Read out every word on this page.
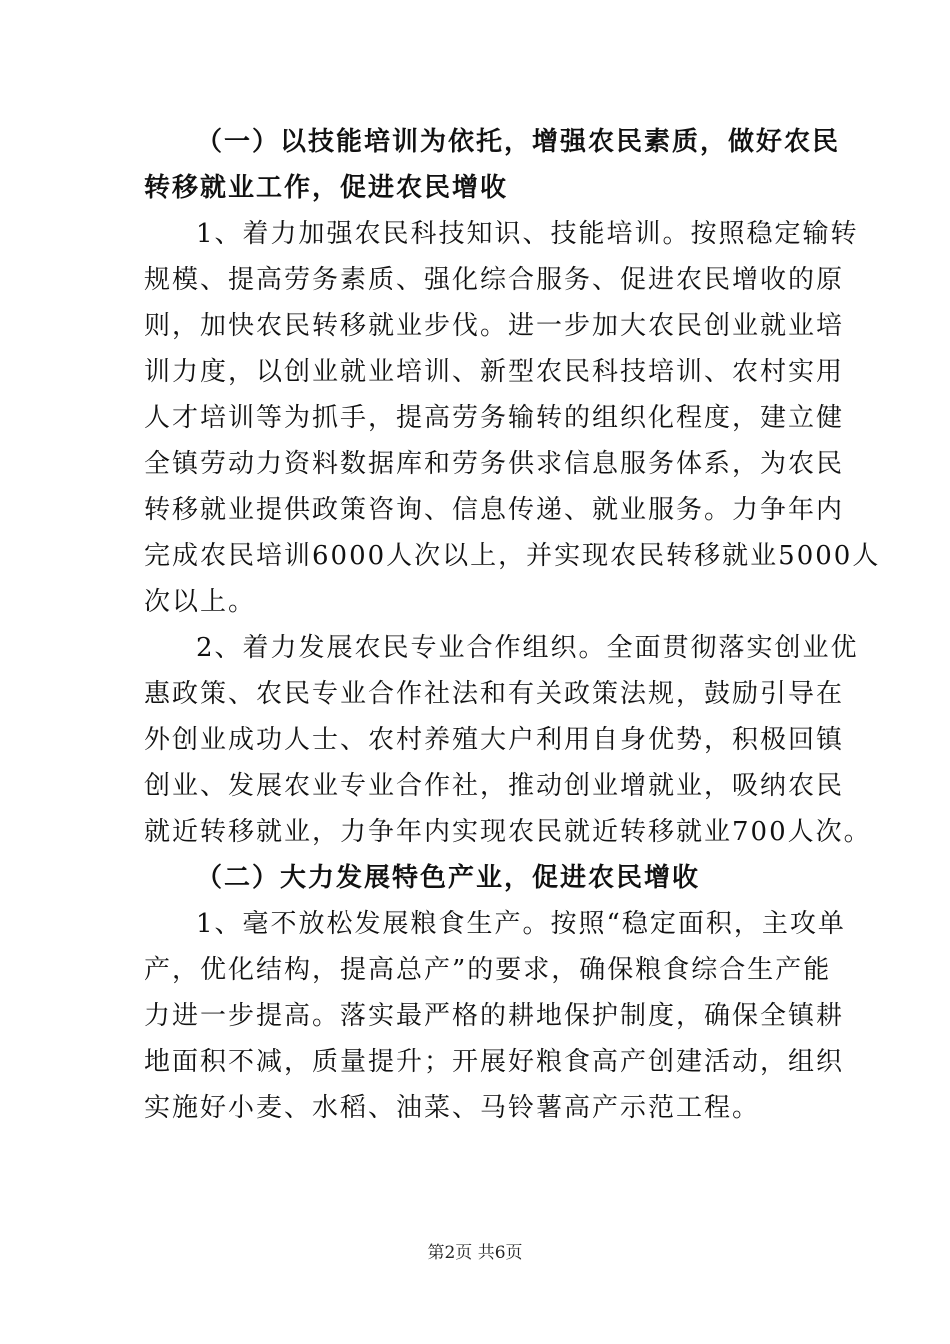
（一）以技能培训为依托，增强农民素质，做好农民

转移就业工作，促进农民增收

1、着力加强农民科技知识、技能培训。按照稳定输转

规模、提高劳务素质、强化综合服务、促进农民增收的原

则，加快农民转移就业步伐。进一步加大农民创业就业培

训力度，以创业就业培训、新型农民科技培训、农村实用

人才培训等为抓手，提高劳务输转的组织化程度，建立健

全镇劳动力资料数据库和劳务供求信息服务体系，为农民

转移就业提供政策咨询、信息传递、就业服务。力争年内

完成农民培训6000人次以上，并实现农民转移就业5000人

次以上。

2、着力发展农民专业合作组织。全面贯彻落实创业优

惠政策、农民专业合作社法和有关政策法规，鼓励引导在

外创业成功人士、农村养殖大户利用自身优势，积极回镇

创业、发展农业专业合作社，推动创业增就业，吸纳农民

就近转移就业，力争年内实现农民就近转移就业700人次。

（二）大力发展特色产业，促进农民增收

1、毫不放松发展粮食生产。按照“稳定面积，主攻单

产，优化结构，提高总产”的要求，确保粮食综合生产能

力进一步提高。落实最严格的耕地保护制度，确保全镇耕

地面积不减，质量提升；开展好粮食高产创建活动，组织

实施好小麦、水稻、油菜、马铃薯高产示范工程。

第2页 共6页
